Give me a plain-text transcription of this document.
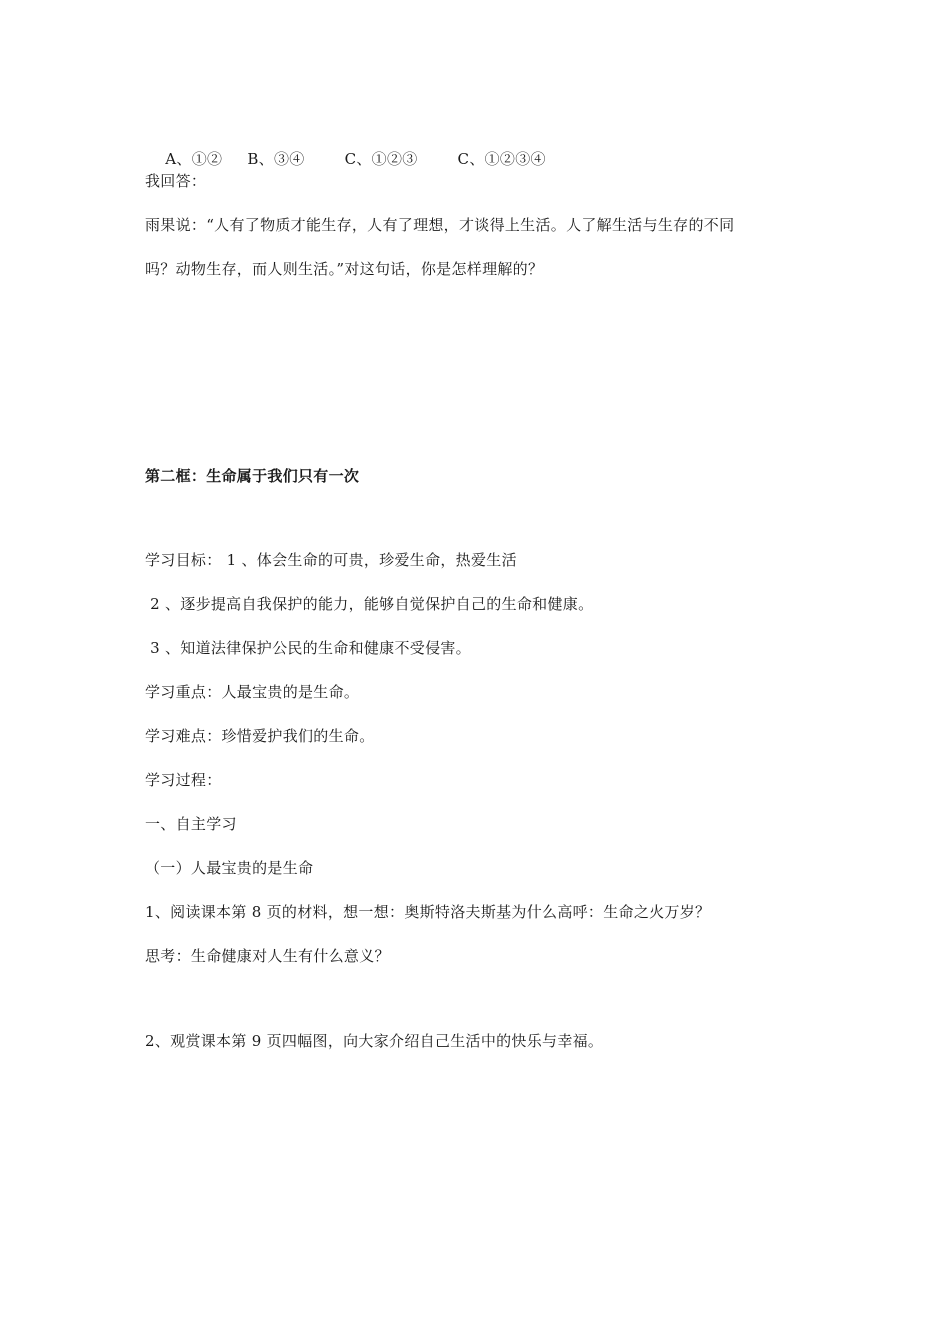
A、①② B、③④	C、①②③	C、①②③④

我回答：
雨果说：“人有了物质才能生存，人有了理想，才谈得上生活。人了解生活与生存的不同
吗？动物生存，而人则生活。”对这句话，你是怎样理解的？
第二框：生命属于我们只有一次
学习目标： 1 、体会生命的可贵，珍爱生命，热爱生活
2 、逐步提高自我保护的能力，能够自觉保护自己的生命和健康。
3 、知道法律保护公民的生命和健康不受侵害。
学习重点：人最宝贵的是生命。
学习难点：珍惜爱护我们的生命。
学习过程：
一、自主学习
（一）人最宝贵的是生命
1、阅读课本第 8 页的材料，想一想：奥斯特洛夫斯基为什么高呼：生命之火万岁？
思考：生命健康对人生有什么意义？
2、观赏课本第 9 页四幅图，向大家介绍自己生活中的快乐与幸福。
